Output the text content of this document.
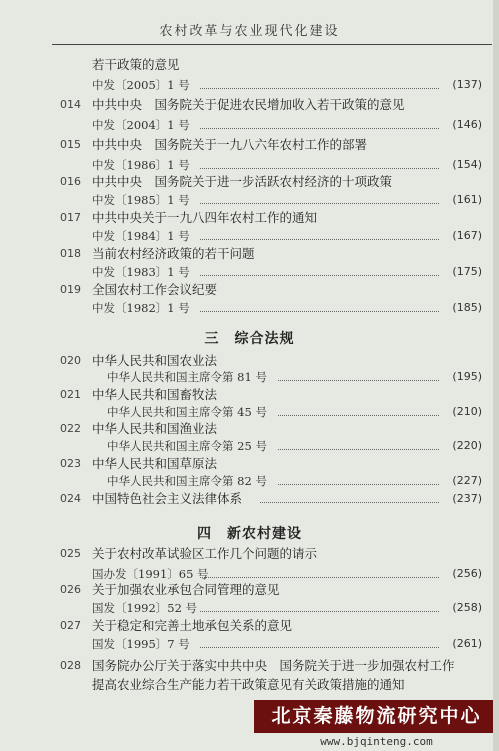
农村改革与农业现代化建设
若干政策的意见
中发〔2005〕1 号	(137)
014 中共中央　国务院关于促进农民增加收入若干政策的意见
中发〔2004〕1 号	(146)
015 中共中央　国务院关于一九八六年农村工作的部署
中发〔1986〕1 号	(154)
016 中共中央　国务院关于进一步活跃农村经济的十项政策
中发〔1985〕1 号	(161)
017 中共中央关于一九八四年农村工作的通知
中发〔1984〕1 号	(167)
018 当前农村经济政策的若干问题
中发〔1983〕1 号	(175)
019 全国农村工作会议纪要
中发〔1982〕1 号	(185)
三　综合法规
020 中华人民共和国农业法
中华人民共和国主席令第 81 号	(195)
021 中华人民共和国畜牧法
中华人民共和国主席令第 45 号	(210)
022 中华人民共和国渔业法
中华人民共和国主席令第 25 号	(220)
023 中华人民共和国草原法
中华人民共和国主席令第 82 号	(227)
024 中国特色社会主义法律体系	(237)
四　新农村建设
025 关于农村改革试验区工作几个问题的请示
国办发〔1991〕65 号	(256)
026 关于加强农业承包合同管理的意见
国发〔1992〕52 号	(258)
027 关于稳定和完善土地承包关系的意见
国发〔1995〕7 号	(261)
028 国务院办公厅关于落实中共中央　国务院关于进一步加强农村工作
提高农业综合生产能力若干政策意见有关政策措施的通知
北京秦藤物流研究中心
www.bjqinteng.com
